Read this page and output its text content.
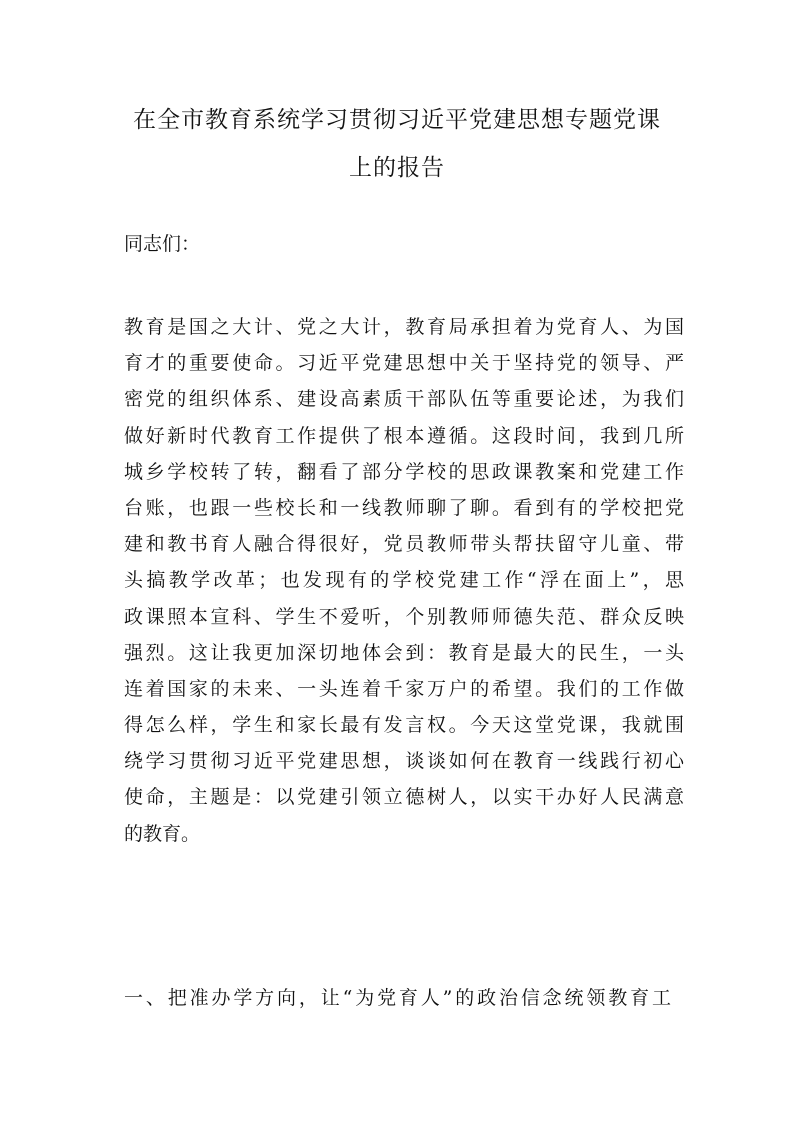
在全市教育系统学习贯彻习近平党建思想专题党课
上的报告

同志们：

教育是国之大计、党之大计，教育局承担着为党育人、为国
育才的重要使命。习近平党建思想中关于坚持党的领导、严
密党的组织体系、建设高素质干部队伍等重要论述，为我们
做好新时代教育工作提供了根本遵循。这段时间，我到几所
城乡学校转了转，翻看了部分学校的思政课教案和党建工作
台账，也跟一些校长和一线教师聊了聊。看到有的学校把党
建和教书育人融合得很好，党员教师带头帮扶留守儿童、带
头搞教学改革；也发现有的学校党建工作“浮在面上”，思
政课照本宣科、学生不爱听，个别教师师德失范、群众反映
强烈。这让我更加深切地体会到：教育是最大的民生，一头
连着国家的未来、一头连着千家万户的希望。我们的工作做
得怎么样，学生和家长最有发言权。今天这堂党课，我就围
绕学习贯彻习近平党建思想，谈谈如何在教育一线践行初心
使命，主题是：以党建引领立德树人，以实干办好人民满意
的教育。

一、把准办学方向，让“为党育人”的政治信念统领教育工
